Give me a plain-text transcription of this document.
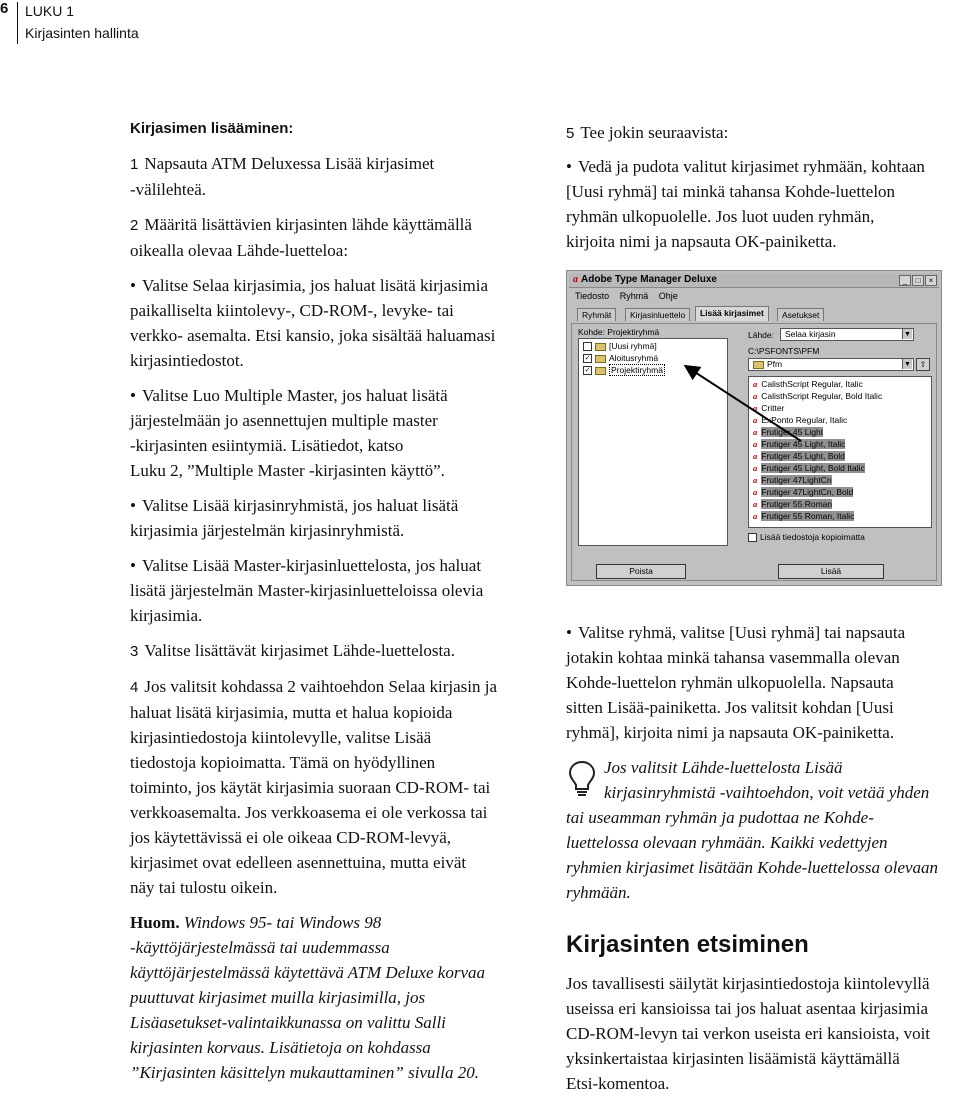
6 LUKU 1
Kirjasinten hallinta

Kirjasimen lisääminen:

1 Napsauta ATM Deluxessa Lisää kirjasimet

-välilehteä.

2 Määritä lisättävien kirjasinten lähde käyttämällä

oikealla olevaa Lähde-luetteloa:

• Valitse Selaa kirjasimia, jos haluat lisätä kirjasimia

paikalliselta kiintolevy-, CD-ROM-, levyke- tai

verkko- asemalta. Etsi kansio, joka sisältää haluamasi

kirjasintiedostot.

• Valitse Luo Multiple Master, jos haluat lisätä

järjestelmään jo asennettujen multiple master

-kirjasinten esiintymiä. Lisätiedot, katso

Luku 2, ”Multiple Master -kirjasinten käyttö”.

• Valitse Lisää kirjasinryhmistä, jos haluat lisätä

kirjasimia järjestelmän kirjasinryhmistä.

• Valitse Lisää Master-kirjasinluettelosta, jos haluat

lisätä järjestelmän Master-kirjasinluetteloissa olevia

kirjasimia.

3 Valitse lisättävät kirjasimet Lähde-luettelosta.

4 Jos valitsit kohdassa 2 vaihtoehdon Selaa kirjasin ja

haluat lisätä kirjasimia, mutta et halua kopioida

kirjasintiedostoja kiintolevylle, valitse Lisää

tiedostoja kopioimatta. Tämä on hyödyllinen

toiminto, jos käytät kirjasimia suoraan CD-ROM- tai

verkkoasemalta. Jos verkkoasema ei ole verkossa tai

jos käytettävissä ei ole oikeaa CD-ROM-levyä,

kirjasimet ovat edelleen asennettuina, mutta eivät

näy tai tulostu oikein.

Huom. Windows 95- tai Windows 98

-käyttöjärjestelmässä tai uudemmassa

käyttöjärjestelmässä käytettävä ATM Deluxe korvaa

puuttuvat kirjasimet muilla kirjasimilla, jos

Lisäasetukset-valintaikkunassa on valittu Salli

kirjasinten korvaus. Lisätietoja on kohdassa

”Kirjasinten käsittelyn mukauttaminen” sivulla 20.

5 Tee jokin seuraavista:

• Vedä ja pudota valitut kirjasimet ryhmään, kohtaan

[Uusi ryhmä] tai minkä tahansa Kohde-luettelon

ryhmän ulkopuolelle. Jos luot uuden ryhmän,

kirjoita nimi ja napsauta OK-painiketta.

a Adobe Type Manager Deluxe	_	□	×
Tiedosto Ryhmä Ohje
Ryhmät	Kirjasinluettelo	Lisää kirjasimet	Asetukset
Kohde: Projektiryhmä
[Uusi ryhmä]
✓ Aloitusryhmä
✓ Projektiryhmä
Lähde:	Selaa kirjasin	▼
C:\PSFONTS\PFM
Pfm	▼	⇧
a CalisthScript Regular, Italic
a CalisthScript Regular, Bold Italic
a Critter
a ExPonto Regular, Italic
a Frutiger 45 Light
a Frutiger 45 Light, Italic
a Frutiger 45 Light, Bold
a Frutiger 45 Light, Bold Italic
a Frutiger 47LightCn
a Frutiger 47LightCn, Bold
a Frutiger 55 Roman
a Frutiger 55 Roman, Italic
Lisää tiedostoja kopioimatta
Poista	Lisää

• Valitse ryhmä, valitse [Uusi ryhmä] tai napsauta

jotakin kohtaa minkä tahansa vasemmalla olevan

Kohde-luettelon ryhmän ulkopuolella. Napsauta

sitten Lisää-painiketta. Jos valitsit kohdan [Uusi

ryhmä], kirjoita nimi ja napsauta OK-painiketta.

Jos valitsit Lähde-luettelosta Lisää

kirjasinryhmistä -vaihtoehdon, voit vetää yhden

tai useamman ryhmän ja pudottaa ne Kohde-

luettelossa olevaan ryhmään. Kaikki vedettyjen

ryhmien kirjasimet lisätään Kohde-luettelossa olevaan

ryhmään.

Kirjasinten etsiminen

Jos tavallisesti säilytät kirjasintiedostoja kiintolevyllä

useissa eri kansioissa tai jos haluat asentaa kirjasimia

CD-ROM-levyn tai verkon useista eri kansioista, voit

yksinkertaistaa kirjasinten lisäämistä käyttämällä

Etsi-komentoa.
